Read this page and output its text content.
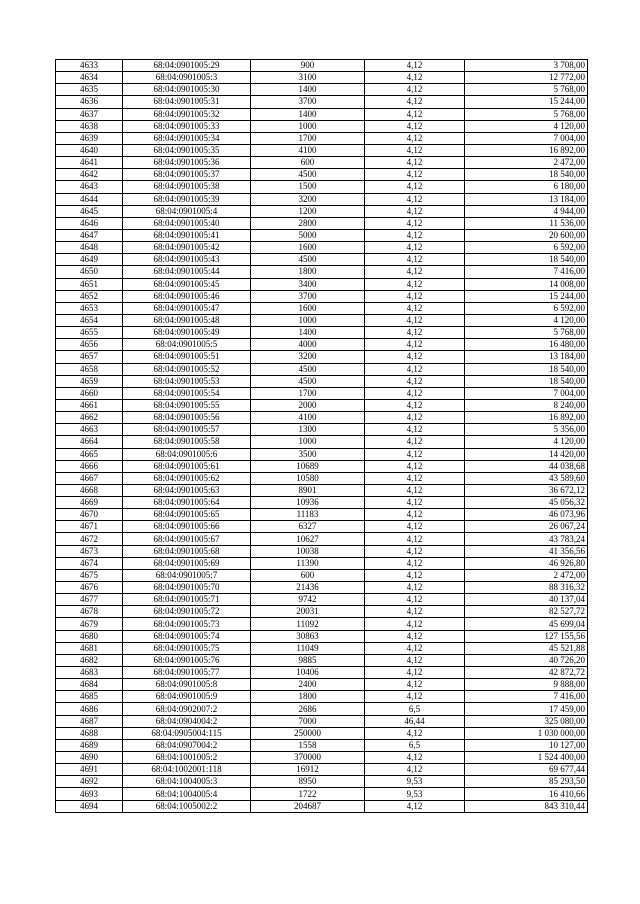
4633	68:04:0901005:29	900	4,12	3 708,00
4634	68:04:0901005:3	3100	4,12	12 772,00
4635	68:04:0901005:30	1400	4,12	5 768,00
4636	68:04:0901005:31	3700	4,12	15 244,00
4637	68:04:0901005:32	1400	4,12	5 768,00
4638	68:04:0901005:33	1000	4,12	4 120,00
4639	68:04:0901005:34	1700	4,12	7 004,00
4640	68:04:0901005:35	4100	4,12	16 892,00
4641	68:04:0901005:36	600	4,12	2 472,00
4642	68:04:0901005:37	4500	4,12	18 540,00
4643	68:04:0901005:38	1500	4,12	6 180,00
4644	68:04:0901005:39	3200	4,12	13 184,00
4645	68:04:0901005:4	1200	4,12	4 944,00
4646	68:04:0901005:40	2800	4,12	11 536,00
4647	68:04:0901005:41	5000	4,12	20 600,00
4648	68:04:0901005:42	1600	4,12	6 592,00
4649	68:04:0901005:43	4500	4,12	18 540,00
4650	68:04:0901005:44	1800	4,12	7 416,00
4651	68:04:0901005:45	3400	4,12	14 008,00
4652	68:04:0901005:46	3700	4,12	15 244,00
4653	68:04:0901005:47	1600	4,12	6 592,00
4654	68:04:0901005:48	1000	4,12	4 120,00
4655	68:04:0901005:49	1400	4,12	5 768,00
4656	68:04:0901005:5	4000	4,12	16 480,00
4657	68:04:0901005:51	3200	4,12	13 184,00
4658	68:04:0901005:52	4500	4,12	18 540,00
4659	68:04:0901005:53	4500	4,12	18 540,00
4660	68:04:0901005:54	1700	4,12	7 004,00
4661	68:04:0901005:55	2000	4,12	8 240,00
4662	68:04:0901005:56	4100	4,12	16 892,00
4663	68:04:0901005:57	1300	4,12	5 356,00
4664	68:04:0901005:58	1000	4,12	4 120,00
4665	68:04:0901005:6	3500	4,12	14 420,00
4666	68:04:0901005:61	10689	4,12	44 038,68
4667	68:04:0901005:62	10580	4,12	43 589,60
4668	68:04:0901005:63	8901	4,12	36 672,12
4669	68:04:0901005:64	10936	4,12	45 056,32
4670	68:04:0901005:65	11183	4,12	46 073,96
4671	68:04:0901005:66	6327	4,12	26 067,24
4672	68:04:0901005:67	10627	4,12	43 783,24
4673	68:04:0901005:68	10038	4,12	41 356,56
4674	68:04:0901005:69	11390	4,12	46 926,80
4675	68:04:0901005:7	600	4,12	2 472,00
4676	68:04:0901005:70	21436	4,12	88 316,32
4677	68:04:0901005:71	9742	4,12	40 137,04
4678	68:04:0901005:72	20031	4,12	82 527,72
4679	68:04:0901005:73	11092	4,12	45 699,04
4680	68:04:0901005:74	30863	4,12	127 155,56
4681	68:04:0901005:75	11049	4,12	45 521,88
4682	68:04:0901005:76	9885	4,12	40 726,20
4683	68:04:0901005:77	10406	4,12	42 872,72
4684	68:04:0901005:8	2400	4,12	9 888,00
4685	68:04:0901005:9	1800	4,12	7 416,00
4686	68:04:0902007:2	2686	6,5	17 459,00
4687	68:04:0904004:2	7000	46,44	325 080,00
4688	68:04:0905004:115	250000	4,12	1 030 000,00
4689	68:04:0907004:2	1558	6,5	10 127,00
4690	68:04:1001005:2	370000	4,12	1 524 400,00
4691	68:04:1002001:118	16912	4,12	69 677,44
4692	68:04:1004005:3	8950	9,53	85 293,50
4693	68:04:1004005:4	1722	9,53	16 410,66
4694	68:04:1005002:2	204687	4,12	843 310,44
